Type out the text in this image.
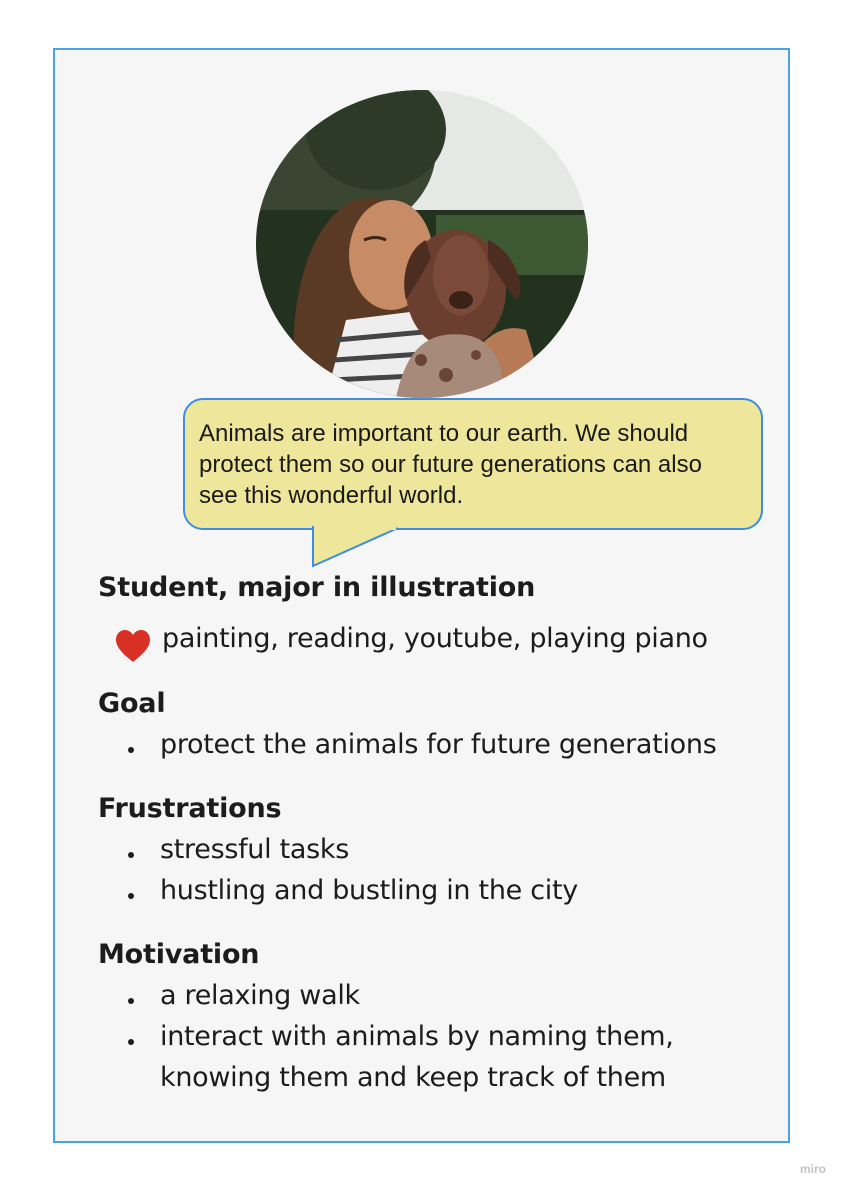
Animals are important to our earth. We should protect them so our future generations can also see this wonderful world.
Student, major in illustration
painting, reading, youtube, playing piano
Goal
protect the animals for future generations
Frustrations
stressful tasks
hustling and bustling in the city
Motivation
a relaxing walk
interact with animals by naming them,
knowing them and keep track of them
miro
